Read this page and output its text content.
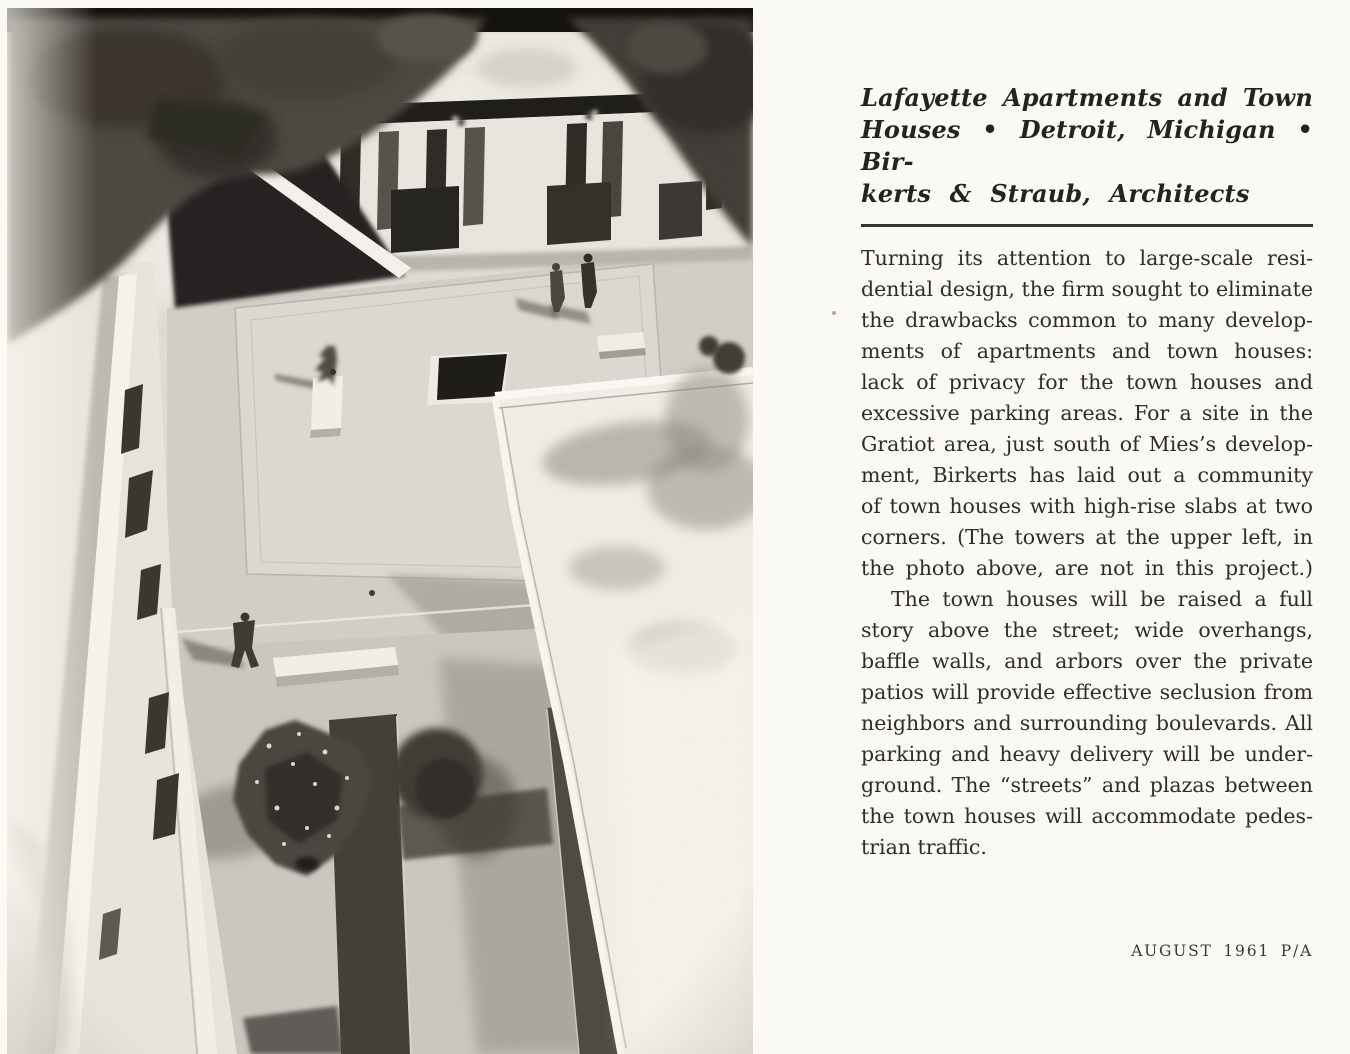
Lafayette Apartments and Town
Houses • Detroit, Michigan • Bir-
kerts & Straub, Architects
Turning its attention to large-scale resi-
dential design, the firm sought to eliminate
the drawbacks common to many develop-
ments of apartments and town houses:
lack of privacy for the town houses and
excessive parking areas. For a site in the
Gratiot area, just south of Mies’s develop-
ment, Birkerts has laid out a community
of town houses with high-rise slabs at two
corners. (The towers at the upper left, in
the photo above, are not in this project.)
The town houses will be raised a full
story above the street; wide overhangs,
baffle walls, and arbors over the private
patios will provide effective seclusion from
neighbors and surrounding boulevards. All
parking and heavy delivery will be under-
ground. The “streets” and plazas between
the town houses will accommodate pedes-
trian traffic.
AUGUST 1961 P/A
